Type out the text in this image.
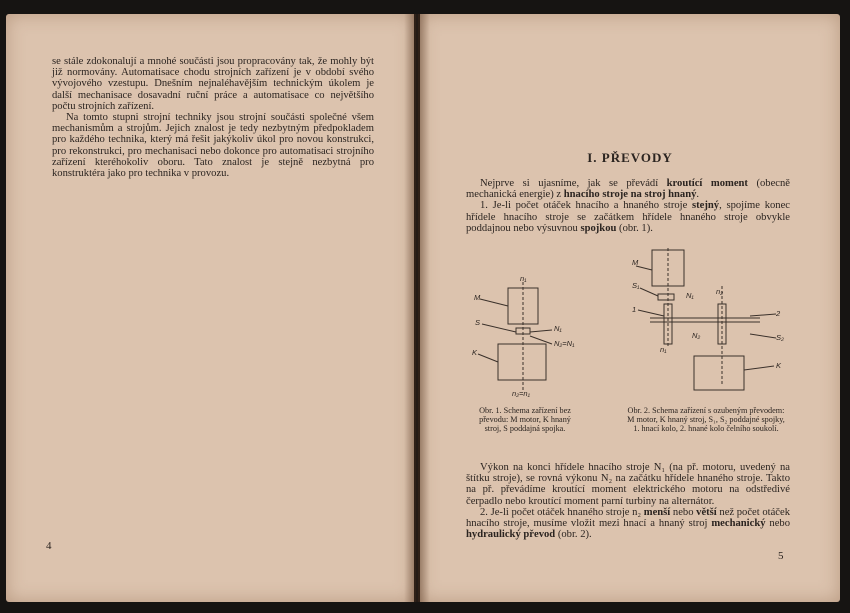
se stále zdokonalují a mnohé součásti jsou propracovány tak, že mohly být již normovány. Automatisace chodu strojních zařízení je v období svého vývojového vzestupu. Dnešním nejnaléhavějším technickým úkolem je další mechanisace dosavadní ruční práce a automatisace co největšího počtu strojních zařízení.

Na tomto stupni strojní techniky jsou strojní součásti společné všem mechanismům a strojům. Jejich znalost je tedy nezbytným předpokladem pro každého technika, který má řešit jakýkoliv úkol pro novou konstrukci, pro rekonstrukci, pro mechanisaci nebo dokonce pro automatisaci strojního zařízení kteréhokoliv oboru. Tato znalost je stejně nezbytná pro konstruktéra jako pro technika v provozu.

4
I. PŘEVODY

Nejprve si ujasníme, jak se převádí kroutící moment (obecně mechanická energie) z hnacího stroje na stroj hnaný.

1. Je-li počet otáček hnacího a hnaného stroje stejný, spojíme konec hřídele hnacího stroje se začátkem hřídele hnaného stroje obvykle poddajnou nebo výsuvnou spojkou (obr. 1).

n₁
M
S
N₁
N₂=N₁
K
n₂=n₁
Obr. 1. Schema zařízení bez převodu: M motor, K hnaný stroj, S poddajná spojka.
M
S₁
N₁	n₂
1	2
S₂
N₂
n₁
K
Obr. 2. Schema zařízení s ozubeným převodem: M motor, K hnaný stroj, S₁, S₂ poddajné spojky, 1. hnací kolo, 2. hnané kolo čelního soukolí.

Výkon na konci hřídele hnacího stroje N₁ (na př. motoru, uvedený na štítku stroje), se rovná výkonu N₂ na začátku hřídele hnaného stroje. Takto na př. převádíme kroutící moment elektrického motoru na odstředivé čerpadlo nebo kroutící moment parní turbiny na alternátor.

2. Je-li počet otáček hnaného stroje n₂ menší nebo větší než počet otáček hnacího stroje, musíme vložit mezi hnací a hnaný stroj mechanický nebo hydraulický převod (obr. 2).

5
